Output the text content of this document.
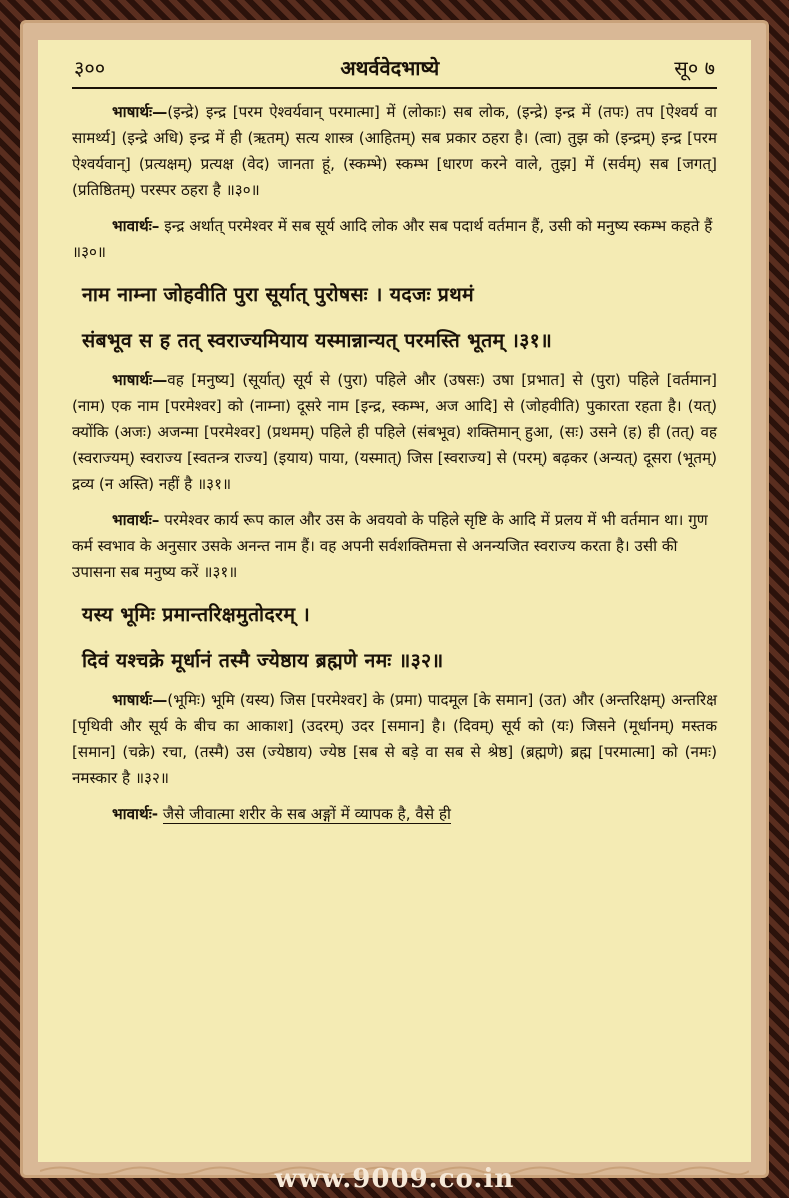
३००	अथर्ववेदभाष्ये	सू० ७

भाषार्थः—(इन्द्रे) इन्द्र [परम ऐश्वर्यवान् परमात्मा] में (लोकाः) सब लोक, (इन्द्रे) इन्द्र में (तपः) तप [ऐश्वर्य वा सामर्थ्य] (इन्द्रे अधि) इन्द्र में ही (ऋतम्) सत्य शास्त्र (आहितम्) सब प्रकार ठहरा है। (त्वा) तुझ को (इन्द्रम्) इन्द्र [परम ऐश्वर्यवान्] (प्रत्यक्षम्) प्रत्यक्ष (वेद) जानता हूं, (स्कम्भे) स्कम्भ [धारण करने वाले, तुझ] में (सर्वम्) सब [जगत्] (प्रतिष्ठितम्) परस्पर ठहरा है ॥३०॥

भावार्थः– इन्द्र अर्थात् परमेश्वर में सब सूर्य आदि लोक और सब पदार्थ वर्तमान हैं, उसी को मनुष्य स्कम्भ कहते हैं ॥३०॥

नाम नाम्ना जोहवीति पुरा सूर्यात् पुरोषसः । यदजः प्रथमं
संबभूव स ह तत् स्वराज्यमियाय यस्मान्नान्यत् परमस्ति भूतम् ।३१॥

भाषार्थः—वह [मनुष्य] (सूर्यात्) सूर्य से (पुरा) पहिले और (उषसः) उषा [प्रभात] से (पुरा) पहिले [वर्तमान] (नाम) एक नाम [परमेश्वर] को (नाम्ना) दूसरे नाम [इन्द्र, स्कम्भ, अज आदि] से (जोहवीति) पुकारता रहता है। (यत्) क्योंकि (अजः) अजन्मा [परमेश्वर] (प्रथमम्) पहिले ही पहिले (संबभूव) शक्तिमान् हुआ, (सः) उसने (ह) ही (तत्) वह (स्वराज्यम्) स्वराज्य [स्वतन्त्र राज्य] (इयाय) पाया, (यस्मात्) जिस [स्वराज्य] से (परम्) बढ़कर (अन्यत्) दूसरा (भूतम्) द्रव्य (न अस्ति) नहीं है ॥३१॥

भावार्थः– परमेश्वर कार्य रूप काल और उस के अवयवो के पहिले सृष्टि के आदि में प्रलय में भी वर्तमान था। गुण कर्म स्वभाव के अनुसार उसके अनन्त नाम हैं। वह अपनी सर्वशक्तिमत्ता से अनन्यजित स्वराज्य करता है। उसी की उपासना सब मनुष्य करें ॥३१॥

यस्य भूमिः प्रमान्तरिक्षमुतोदरम् ।
दिवं यश्चक्रे मूर्धानं तस्मै ज्येष्ठाय ब्रह्मणे नमः ॥३२॥

भाषार्थः—(भूमिः) भूमि (यस्य) जिस [परमेश्वर] के (प्रमा) पादमूल [के समान] (उत) और (अन्तरिक्षम्) अन्तरिक्ष [पृथिवी और सूर्य के बीच का आकाश] (उदरम्) उदर [समान] है। (दिवम्) सूर्य को (यः) जिसने (मूर्धानम्) मस्तक [समान] (चक्रे) रचा, (तस्मै) उस (ज्येष्ठाय) ज्येष्ठ [सब से बड़े वा सब से श्रेष्ठ] (ब्रह्मणे) ब्रह्म [परमात्मा] को (नमः) नमस्कार है ॥३२॥

भावार्थः- जैसे जीवात्मा शरीर के सब अङ्गों में व्यापक है, वैसे ही

www.9009.co.in
